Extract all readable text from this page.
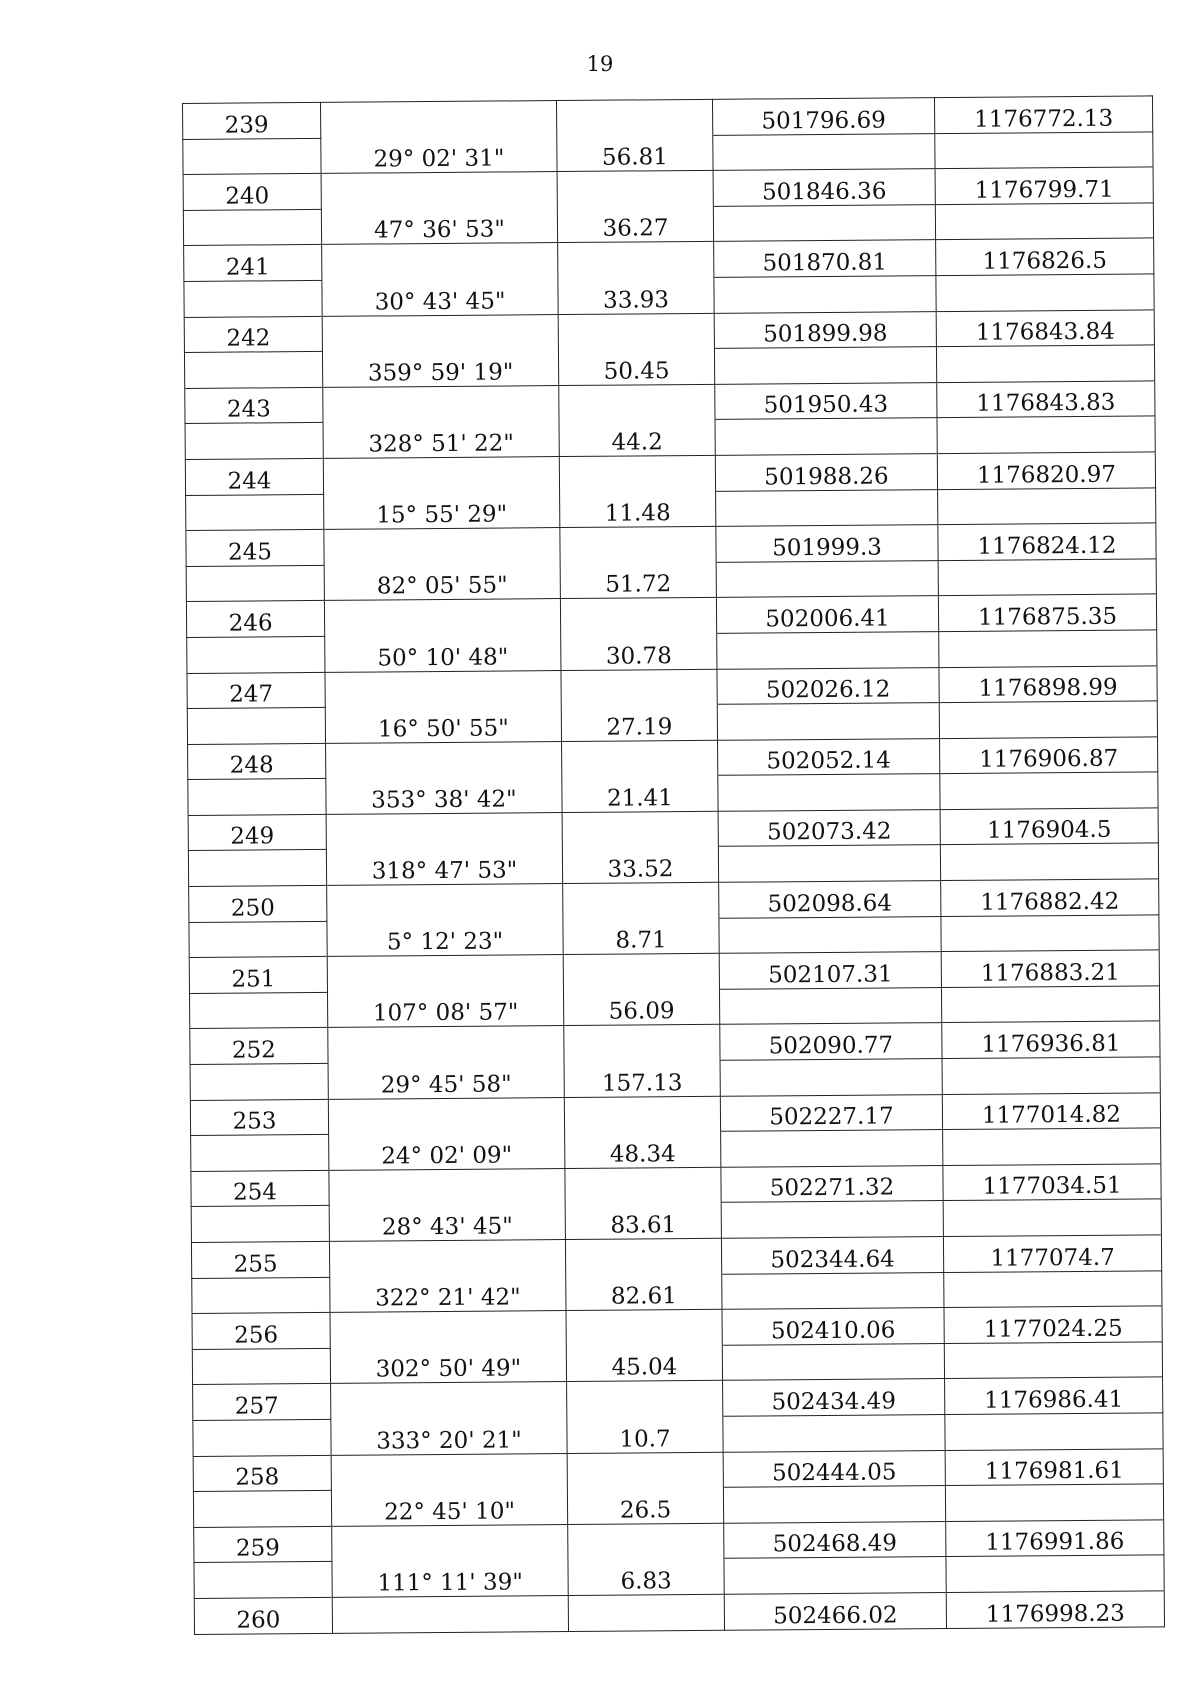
19
239			501796.69	1176772.13
	29° 02' 31"	56.81		
240			501846.36	1176799.71
	47° 36' 53"	36.27		
241			501870.81	1176826.5
	30° 43' 45"	33.93		
242			501899.98	1176843.84
	359° 59' 19"	50.45		
243			501950.43	1176843.83
	328° 51' 22"	44.2		
244			501988.26	1176820.97
	15° 55' 29"	11.48		
245			501999.3	1176824.12
	82° 05' 55"	51.72		
246			502006.41	1176875.35
	50° 10' 48"	30.78		
247			502026.12	1176898.99
	16° 50' 55"	27.19		
248			502052.14	1176906.87
	353° 38' 42"	21.41		
249			502073.42	1176904.5
	318° 47' 53"	33.52		
250			502098.64	1176882.42
	5° 12' 23"	8.71		
251			502107.31	1176883.21
	107° 08' 57"	56.09		
252			502090.77	1176936.81
	29° 45' 58"	157.13		
253			502227.17	1177014.82
	24° 02' 09"	48.34		
254			502271.32	1177034.51
	28° 43' 45"	83.61		
255			502344.64	1177074.7
	322° 21' 42"	82.61		
256			502410.06	1177024.25
	302° 50' 49"	45.04		
257			502434.49	1176986.41
	333° 20' 21"	10.7		
258			502444.05	1176981.61
	22° 45' 10"	26.5		
259			502468.49	1176991.86
	111° 11' 39"	6.83		
260			502466.02	1176998.23
